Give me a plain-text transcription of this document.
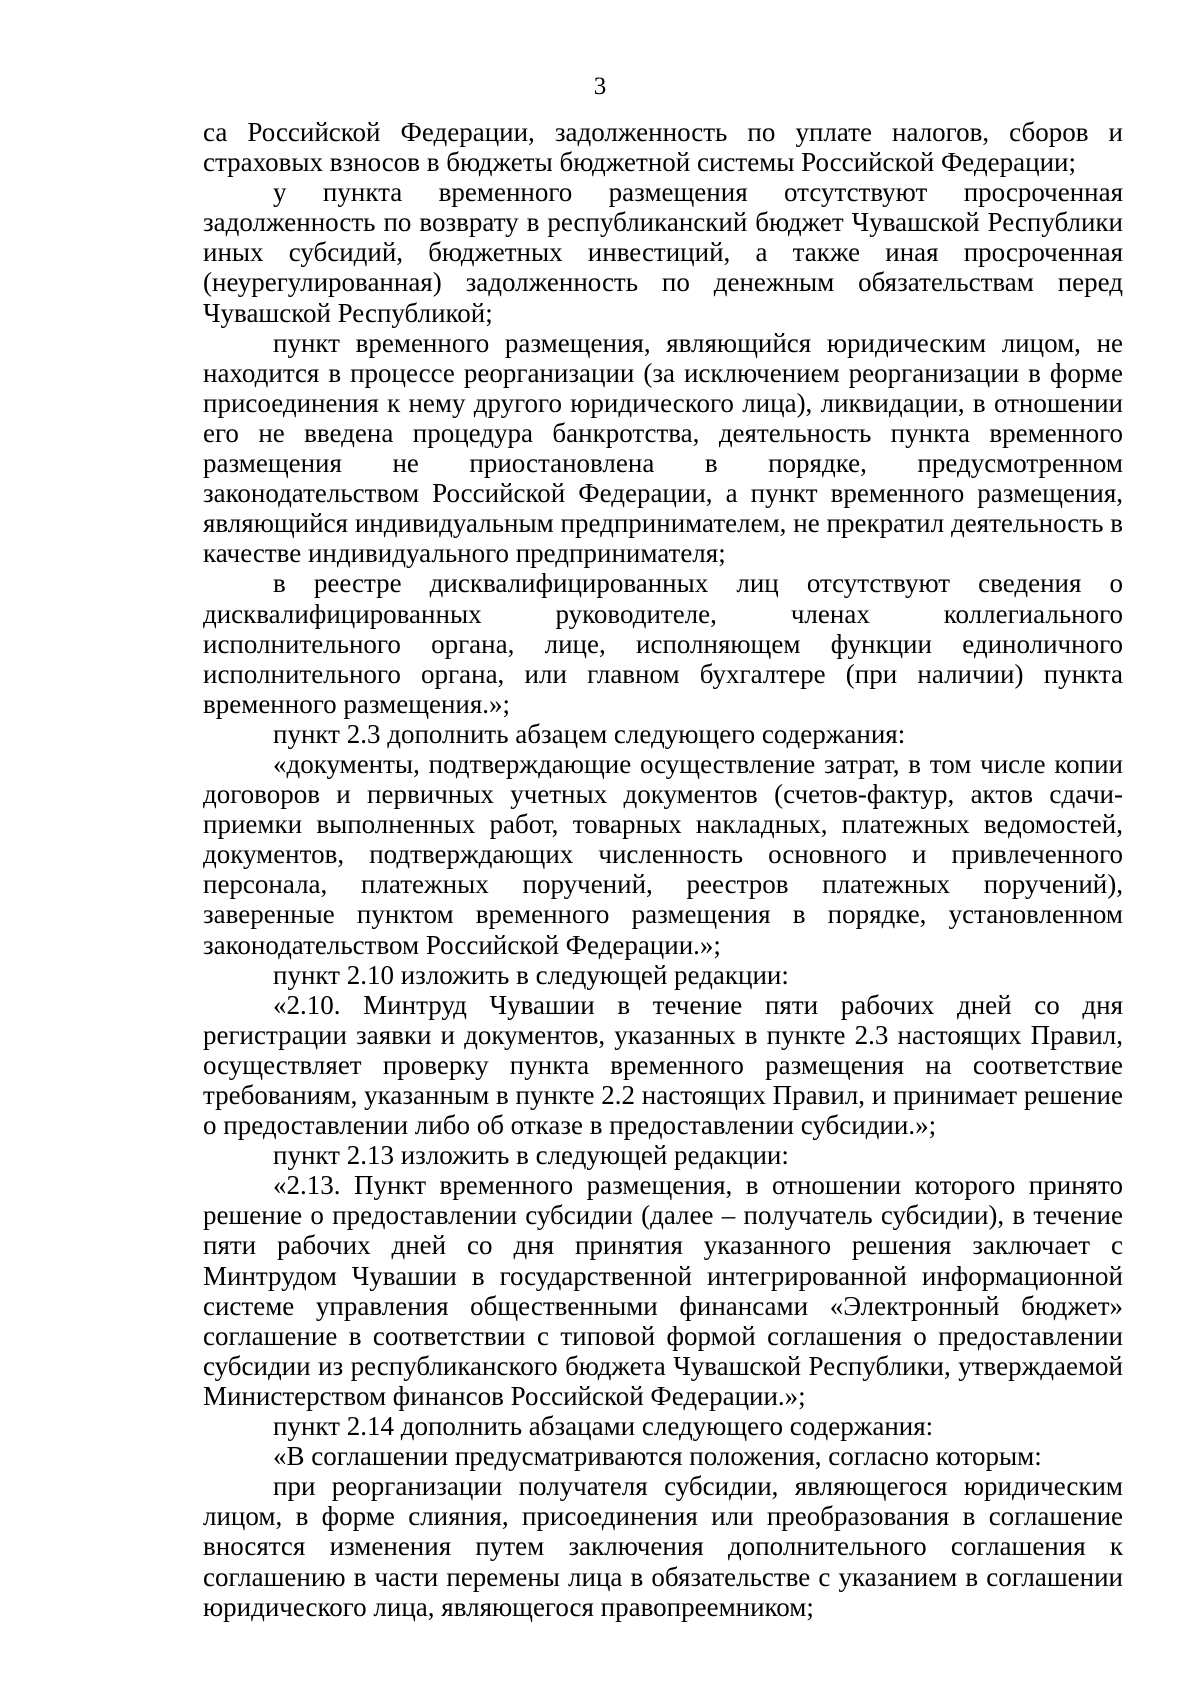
3

са Российской Федерации, задолженность по уплате налогов, сборов и страховых взносов в бюджеты бюджетной системы Российской Федерации;

у пункта временного размещения отсутствуют просроченная задолженность по возврату в республиканский бюджет Чувашской Республики иных субсидий, бюджетных инвестиций, а также иная просроченная (неурегулированная) задолженность по денежным обязательствам перед Чувашской Республикой;

пункт временного размещения, являющийся юридическим лицом, не находится в процессе реорганизации (за исключением реорганизации в форме присоединения к нему другого юридического лица), ликвидации, в отношении его не введена процедура банкротства, деятельность пункта временного размещения не приостановлена в порядке, предусмотренном законодательством Российской Федерации, а пункт временного размещения, являющийся индивидуальным предпринимателем, не прекратил деятельность в качестве индивидуального предпринимателя;

в реестре дисквалифицированных лиц отсутствуют сведения о дисквалифицированных руководителе, членах коллегиального исполнительного органа, лице, исполняющем функции единоличного исполнительного органа, или главном бухгалтере (при наличии) пункта временного размещения.»;

пункт 2.3 дополнить абзацем следующего содержания:

«документы, подтверждающие осуществление затрат, в том числе копии договоров и первичных учетных документов (счетов-фактур, актов сдачи-приемки выполненных работ, товарных накладных, платежных ведомостей, документов, подтверждающих численность основного и привлеченного персонала, платежных поручений, реестров платежных поручений), заверенные пунктом временного размещения в порядке, установленном законодательством Российской Федерации.»;

пункт 2.10 изложить в следующей редакции:

«2.10. Минтруд Чувашии в течение пяти рабочих дней со дня регистрации заявки и документов, указанных в пункте 2.3 настоящих Правил, осуществляет проверку пункта временного размещения на соответствие требованиям, указанным в пункте 2.2 настоящих Правил, и принимает решение о предоставлении либо об отказе в предоставлении субсидии.»;

пункт 2.13 изложить в следующей редакции:

«2.13. Пункт временного размещения, в отношении которого принято решение о предоставлении субсидии (далее – получатель субсидии), в течение пяти рабочих дней со дня принятия указанного решения заключает с Минтрудом Чувашии в государственной интегрированной информационной системе управления общественными финансами «Электронный бюджет» соглашение в соответствии с типовой формой соглашения о предоставлении субсидии из республиканского бюджета Чувашской Республики, утверждаемой Министерством финансов Российской Федерации.»;

пункт 2.14 дополнить абзацами следующего содержания:

«В соглашении предусматриваются положения, согласно которым:

при реорганизации получателя субсидии, являющегося юридическим лицом, в форме слияния, присоединения или преобразования в соглашение вносятся изменения путем заключения дополнительного соглашения к соглашению в части перемены лица в обязательстве с указанием в соглашении юридического лица, являющегося правопреемником;
